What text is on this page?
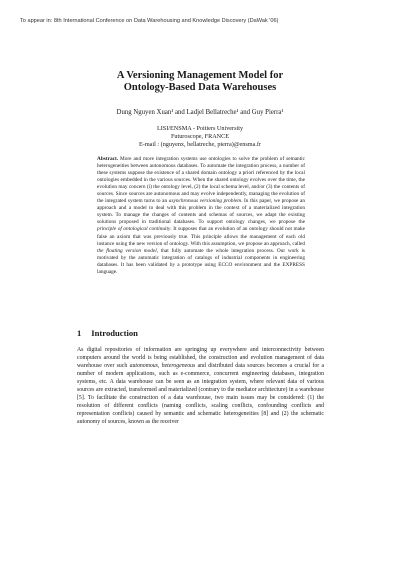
To appear in: 8th International Conference on Data Warehousing and Knowledge Discovery (DaWak '06)
A Versioning Management Model for
Ontology-Based Data Warehouses
Dung Nguyen Xuan¹ and Ladjel Bellatreche¹ and Guy Pierra¹
LISI/ENSMA - Poitiers University
Futuroscope, FRANCE
E-mail : (nguyenx, bellatreche, pierra)@ensma.fr
Abstract. More and more integration systems use ontologies to solve the problem of semantic heterogeneities between autonomous databases. To automate the integration process, a number of these systems suppose the existence of a shared domain ontology a priori referenced by the local ontologies embedded in the various sources. When the shared ontology evolves over the time, the evolution may concern (i) the ontology level, (2) the local schema level, and/or (3) the contents of sources. Since sources are autonomous and may evolve independently, managing the evolution of the integrated system turns to an asynchronous versioning problem. In this paper, we propose an approach and a model to deal with this problem in the context of a materialized integration system. To manage the changes of contents and schemas of sources, we adapt the existing solutions proposed in traditional databases. To support ontology changes, we propose the principle of ontological continuity. It supposes that an evolution of an ontology should not make false an axiom that was previously true. This principle allows the management of each old instance using the new version of ontology. With this assumption, we propose an approach, called the floating version model, that fully automate the whole integration process. Our work is motivated by the automatic integration of catalogs of industrial components in engineering databases. It has been validated by a prototype using ECCO environment and the EXPRESS language.
1 Introduction
As digital repositories of information are springing up everywhere and interconnectivity between computers around the world is being established, the construction and evolution management of data warehouse over such autonomous, heterogeneous and distributed data sources becomes a crucial for a number of modern applications, such as e-commerce, concurrent engineering databases, integration systems, etc. A data warehouse can be seen as an integration system, where relevant data of various sources are extracted, transformed and materialized (contrary to the mediator architecture) in a warehouse [5]. To facilitate the construction of a data warehouse, two main issues may be considered: (1) the resolution of different conflicts (naming conflicts, scaling conflicts, confounding conflicts and representation conflicts) caused by semantic and schematic heterogeneities [8] and (2) the schematic autonomy of sources, known as the receiver
